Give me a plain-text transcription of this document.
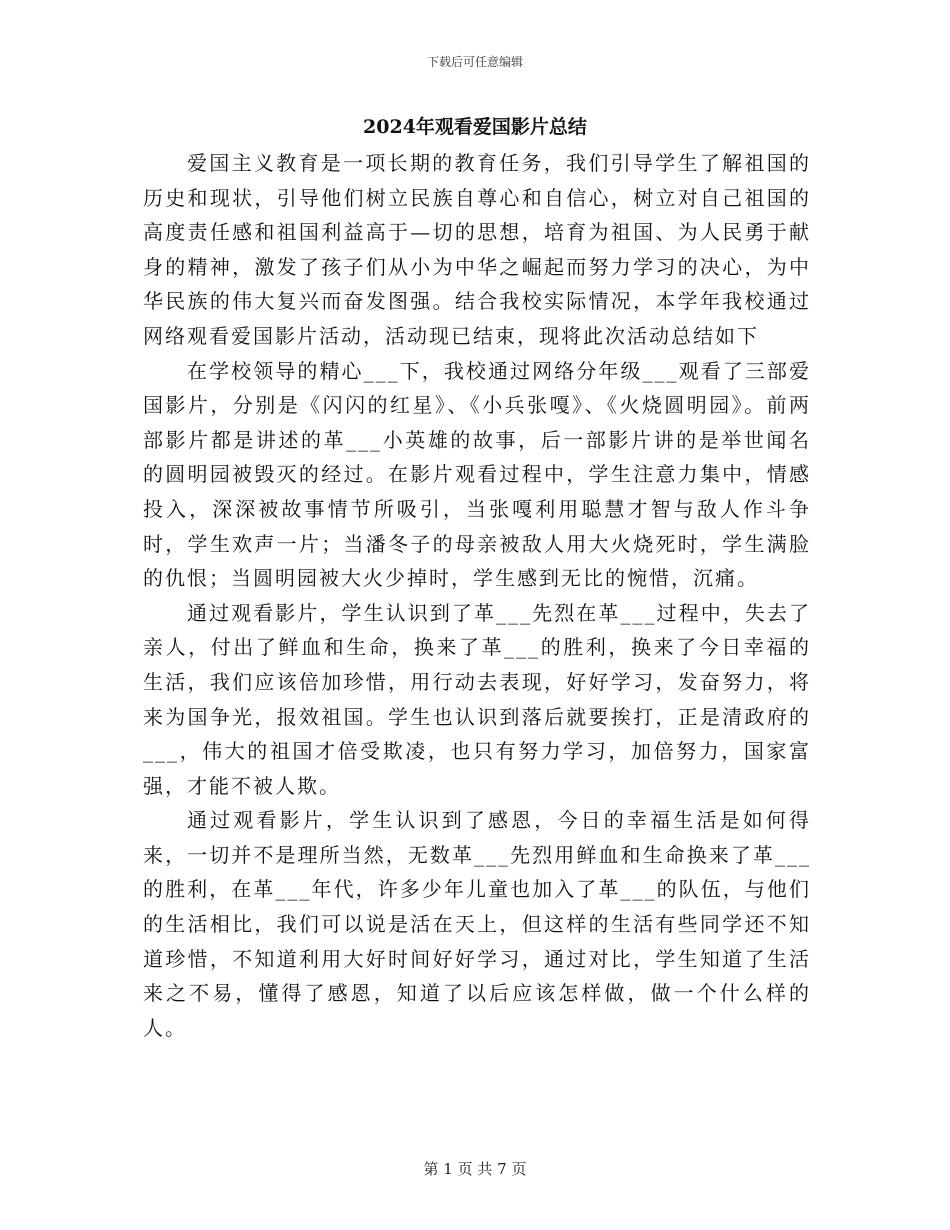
下载后可任意编辑
2024年观看爱国影片总结

爱国主义教育是一项长期的教育任务，我们引导学生了解祖国的历史和现状，引导他们树立民族自尊心和自信心，树立对自己祖国的高度责任感和祖国利益高于—切的思想，培育为祖国、为人民勇于献身的精神，激发了孩子们从小为中华之崛起而努力学习的决心，为中华民族的伟大复兴而奋发图强。结合我校实际情况，本学年我校通过网络观看爱国影片活动，活动现已结束，现将此次活动总结如下

在学校领导的精心___下，我校通过网络分年级___观看了三部爱国影片，分别是《闪闪的红星》、《小兵张嘎》、《火烧圆明园》。前两部影片都是讲述的革___小英雄的故事，后一部影片讲的是举世闻名的圆明园被毁灭的经过。在影片观看过程中，学生注意力集中，情感投入，深深被故事情节所吸引，当张嘎利用聪慧才智与敌人作斗争时，学生欢声一片；当潘冬子的母亲被敌人用大火烧死时，学生满脸的仇恨；当圆明园被大火少掉时，学生感到无比的惋惜，沉痛。

通过观看影片，学生认识到了革___先烈在革___过程中，失去了亲人，付出了鲜血和生命，换来了革___的胜利，换来了今日幸福的生活，我们应该倍加珍惜，用行动去表现，好好学习，发奋努力，将来为国争光，报效祖国。学生也认识到落后就要挨打，正是清政府的___，伟大的祖国才倍受欺凌，也只有努力学习，加倍努力，国家富强，才能不被人欺。

通过观看影片，学生认识到了感恩，今日的幸福生活是如何得来，一切并不是理所当然，无数革___先烈用鲜血和生命换来了革___的胜利，在革___年代，许多少年儿童也加入了革___的队伍，与他们的生活相比，我们可以说是活在天上，但这样的生活有些同学还不知道珍惜，不知道利用大好时间好好学习，通过对比，学生知道了生活来之不易，懂得了感恩，知道了以后应该怎样做，做一个什么样的人。

第 1 页 共 7 页
